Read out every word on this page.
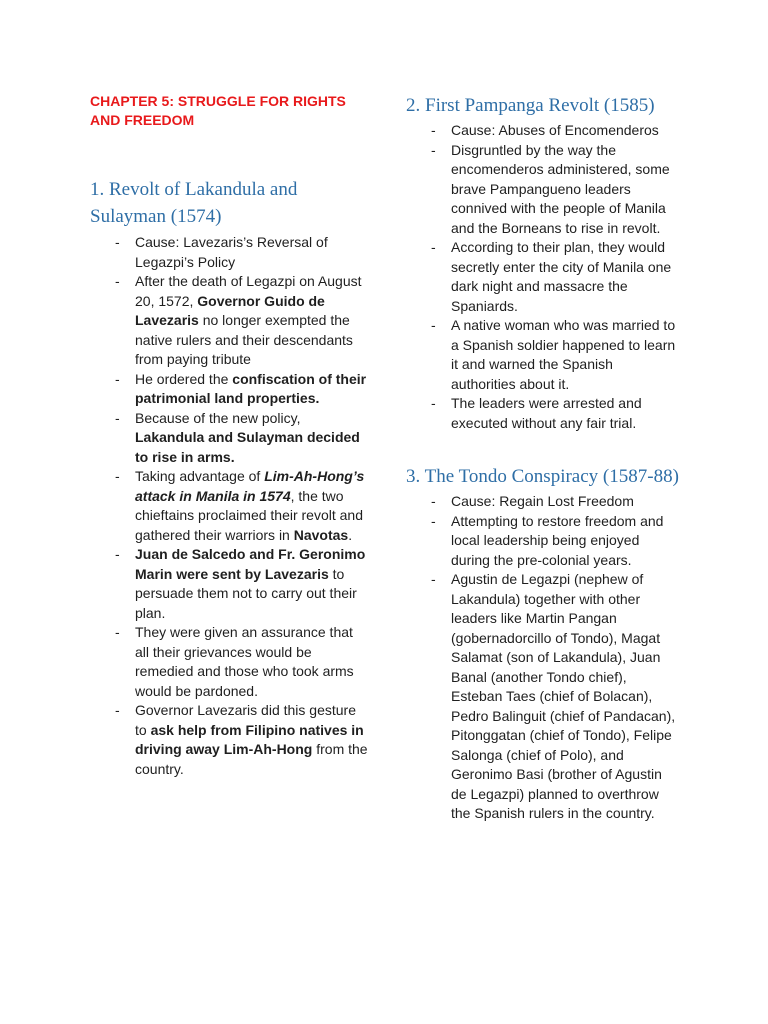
CHAPTER 5: STRUGGLE FOR RIGHTS AND FREEDOM
1. Revolt of Lakandula and Sulayman (1574)
- Cause: Lavezaris’s Reversal of Legazpi’s Policy
- After the death of Legazpi on August 20, 1572, Governor Guido de Lavezaris no longer exempted the native rulers and their descendants from paying tribute
- He ordered the confiscation of their patrimonial land properties.
- Because of the new policy, Lakandula and Sulayman decided to rise in arms.
- Taking advantage of Lim-Ah-Hong’s attack in Manila in 1574, the two chieftains proclaimed their revolt and gathered their warriors in Navotas.
- Juan de Salcedo and Fr. Geronimo Marin were sent by Lavezaris to persuade them not to carry out their plan.
- They were given an assurance that all their grievances would be remedied and those who took arms would be pardoned.
- Governor Lavezaris did this gesture to ask help from Filipino natives in driving away Lim-Ah-Hong from the country.
2. First Pampanga Revolt (1585)
- Cause: Abuses of Encomenderos
- Disgruntled by the way the encomenderos administered, some brave Pampangueno leaders connived with the people of Manila and the Borneans to rise in revolt.
- According to their plan, they would secretly enter the city of Manila one dark night and massacre the Spaniards.
- A native woman who was married to a Spanish soldier happened to learn it and warned the Spanish authorities about it.
- The leaders were arrested and executed without any fair trial.
3. The Tondo Conspiracy (1587-88)
- Cause: Regain Lost Freedom
- Attempting to restore freedom and local leadership being enjoyed during the pre-colonial years.
- Agustin de Legazpi (nephew of Lakandula) together with other leaders like Martin Pangan (gobernadorcillo of Tondo), Magat Salamat (son of Lakandula), Juan Banal (another Tondo chief), Esteban Taes (chief of Bolacan), Pedro Balinguit (chief of Pandacan), Pitonggatan (chief of Tondo), Felipe Salonga (chief of Polo), and Geronimo Basi (brother of Agustin de Legazpi) planned to overthrow the Spanish rulers in the country.
